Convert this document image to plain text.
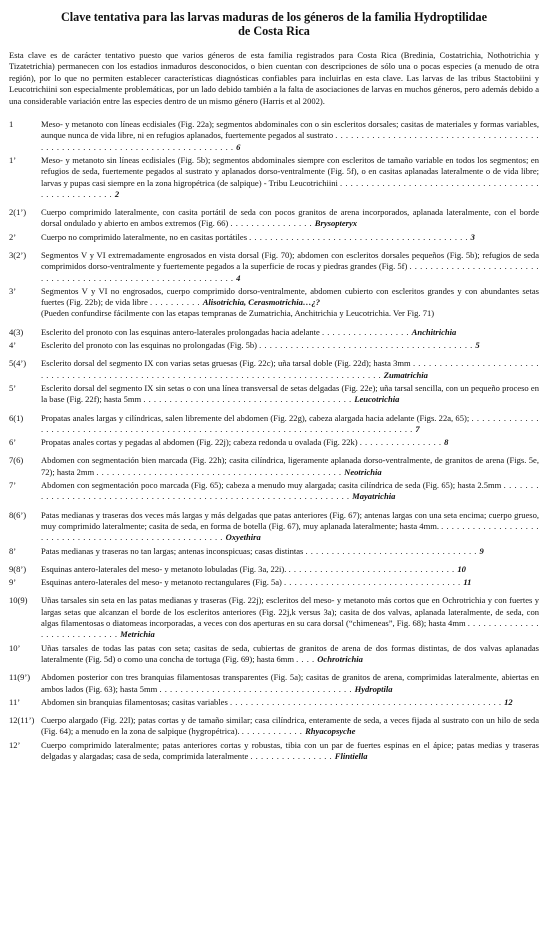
Clave tentativa para las larvas maduras de los géneros de la familia Hydroptilidae
de Costa Rica
Esta clave es de carácter tentativo puesto que varios géneros de esta familia registrados para Costa Rica (Bredinia, Costatrichia, Nothotrichia y Tizatetrichia) permanecen con los estadios inmaduros desconocidos, o bien cuentan con descripciones de sólo una o pocas especies (a menudo de otra región), por lo que no permiten establecer características diagnósticas confiables para incluirlas en esta clave. Las larvas de las tribus Stactobiini y Leucotrichiini son especialmente problemáticas, por un lado debido también a la falta de asociaciones de larvas en muchos géneros, pero además debido a una considerable variación entre las especies dentro de un mismo género (Harris et al 2002).
1	Meso- y metanoto con líneas ecdisiales (Fig. 22a); segmentos abdominales con o sin escleritos dorsales; casitas de materiales y formas variables, aunque nunca de vida libre, ni en refugios aplanados, fuertemente pegados al sustrato . . . . . . . . . . . . . . . . . . . . . . . . . . . . . . . . . . . . . . . . . . . . . . . . . . . . . . . . . . . . . . . . . . . . . . . . . . . . 6
1’	Meso- y metanoto sin líneas ecdisiales (Fig. 5b); segmentos abdominales siempre con escleritos de tamaño variable en todos los segmentos; en refugios de seda, fuertemente pegados al sustrato y aplanados dorso-ventralmente (Fig. 5f), o en casitas aplanadas lateralmente o de vida libre; larvas y pupas casi siempre en la zona higropétrica (de salpique) - Tribu Leucotrichiini . . . . . . . . . . . . . . . . . . . . . . . . . . . . . . . . . . . . . . . . . . . . . . . . . . . . 2
2(1’)	Cuerpo comprimido lateralmente, con casita portátil de seda con pocos granitos de arena incorporados, aplanada lateralmente, con el borde dorsal ondulado y abierto en ambos extremos (Fig. 66) . . . . . . . . . . . . . . . . Brysopteryx
2’	Cuerpo no comprimido lateralmente, no en casitas portátiles . . . . . . . . . . . . . . . . . . . . . . . . . . . . . . . . . . . . . . . . . . 3
3(2’)	Segmentos V y VI extremadamente engrosados en vista dorsal (Fig. 70); abdomen con escleritos dorsales pequeños (Fig. 5b); refugios de seda comprimidos dorso-ventralmente y fuertemente pegados a la superficie de rocas y piedras grandes (Fig. 5f) . . . . . . . . . . . . . . . . . . . . . . . . . . . . . . . . . . . . . . . . . . . . . . . . . . . . . . . . . . . . . . 4
3’	Segmentos V y VI no engrosados, cuerpo comprimido dorso-ventralmente, abdomen cubierto con escleritos grandes y con abundantes setas fuertes (Fig. 22b); de vida libre . . . . . . . . . . Alisotrichia, Cerasmotrichia…¿?
(Pueden confundirse fácilmente con las etapas tempranas de Zumatrichia, Anchitrichia y Leucotrichia. Ver Fig. 71)
4(3)	Esclerito del pronoto con las esquinas antero-laterales prolongadas hacia adelante . . . . . . . . . . . . . . . . . Anchitrichia
4’	Esclerito del pronoto con las esquinas no prolongadas (Fig. 5b) . . . . . . . . . . . . . . . . . . . . . . . . . . . . . . . . . . . . . . . . . 5
5(4’)	Esclerito dorsal del segmento IX con varias setas gruesas (Fig. 22c); uña tarsal doble (Fig. 22d); hasta 3mm . . . . . . . . . . . . . . . . . . . . . . . . . . . . . . . . . . . . . . . . . . . . . . . . . . . . . . . . . . . . . . . . . . . . . . . . . . . . . . . . . . . . . . . . . Zumatrichia
5’	Esclerito dorsal del segmento IX sin setas o con una línea transversal de setas delgadas (Fig. 22e); uña tarsal sencilla, con un pequeño proceso en la base (Fig. 22f); hasta 5mm . . . . . . . . . . . . . . . . . . . . . . . . . . . . . . . . . . . . . . . . Leucotrichia
6(1)	Propatas anales largas y cilíndricas, salen libremente del abdomen (Fig. 22g), cabeza alargada hacia adelante (Figs. 22a, 65); . . . . . . . . . . . . . . . . . . . . . . . . . . . . . . . . . . . . . . . . . . . . . . . . . . . . . . . . . . . . . . . . . . . . . . . . . . . . . . . . . . . . 7
6’	Propatas anales cortas y pegadas al abdomen (Fig. 22j); cabeza redonda u ovalada (Fig. 22k) . . . . . . . . . . . . . . . . 8
7(6)	Abdomen con segmentación bien marcada (Fig. 22h); casita cilíndrica, ligeramente aplanada dorso-ventralmente, de granitos de arena (Figs. 5e, 72); hasta 2mm . . . . . . . . . . . . . . . . . . . . . . . . . . . . . . . . . . . . . . . . . . . . . . . Neotrichia
7’	Abdomen con segmentación poco marcada (Fig. 65); cabeza a menudo muy alargada; casita cilíndrica de seda (Fig. 65); hasta 2.5mm . . . . . . . . . . . . . . . . . . . . . . . . . . . . . . . . . . . . . . . . . . . . . . . . . . . . . . . . . . . . . . . . . . Mayatrichia
8(6’)	Patas medianas y traseras dos veces más largas y más delgadas que patas anteriores (Fig. 67); antenas largas con una seta encima; cuerpo grueso, muy comprimido lateralmente; casita de seda, en forma de botella (Fig. 67), muy aplanada lateralmente; hasta 4mm. . . . . . . . . . . . . . . . . . . . . . . . . . . . . . . . . . . . . . . . . . . . . . . . . . . . . . . Oxyethira
8’	Patas medianas y traseras no tan largas; antenas inconspicuas; casas distintas . . . . . . . . . . . . . . . . . . . . . . . . . . . . . . . . . 9
9(8’)	Esquinas antero-laterales del meso- y metanoto lobuladas (Fig. 3a, 22i). . . . . . . . . . . . . . . . . . . . . . . . . . . . . . . . . 10
9’	Esquinas antero-laterales del meso- y metanoto rectangulares (Fig. 5a) . . . . . . . . . . . . . . . . . . . . . . . . . . . . . . . . . . 11
10(9)	Uñas tarsales sin seta en las patas medianas y traseras (Fig. 22j); escleritos del meso- y metanoto más cortos que en Ochrotrichia y con fuertes y largas setas que alcanzan el borde de los escleritos anteriores (Fig. 22j,k versus 3a); casita de dos valvas, aplanada lateralmente, de seda, con algas filamentosas o diatomeas incorporadas, a veces con dos aperturas en su cara dorsal (“chimeneas”, Fig. 68); hasta 4mm . . . . . . . . . . . . . . . . . . . . . . . . . . . . . Metrichia
10’	Uñas tarsales de todas las patas con seta; casitas de seda, cubiertas de granitos de arena de dos formas distintas, de dos valvas aplanadas lateralmente (Fig. 5d) o como una concha de tortuga (Fig. 69); hasta 6mm . . . . Ochrotrichia
11(9’)	Abdomen posterior con tres branquias filamentosas transparentes (Fig. 5a); casitas de granitos de arena, comprimidas lateralmente, abiertas en ambos lados (Fig. 63); hasta 5mm . . . . . . . . . . . . . . . . . . . . . . . . . . . . . . . . . . . . . Hydroptila
11’	Abdomen sin branquias filamentosas; casitas variables . . . . . . . . . . . . . . . . . . . . . . . . . . . . . . . . . . . . . . . . . . . . . . . . . . . . 12
12(11’) Cuerpo alargado (Fig. 22l); patas cortas y de tamaño similar; casa cilíndrica, enteramente de seda, a veces fijada al sustrato con un hilo de seda (Fig. 64); a menudo en la zona de salpique (hygropétrica). . . . . . . . . . . . . Rhyacopsyche
12’	Cuerpo comprimido lateralmente; patas anteriores cortas y robustas, tibia con un par de fuertes espinas en el ápice; patas medias y traseras delgadas y alargadas; casa de seda, comprimida lateralmente . . . . . . . . . . . . . . . . Flintiella
